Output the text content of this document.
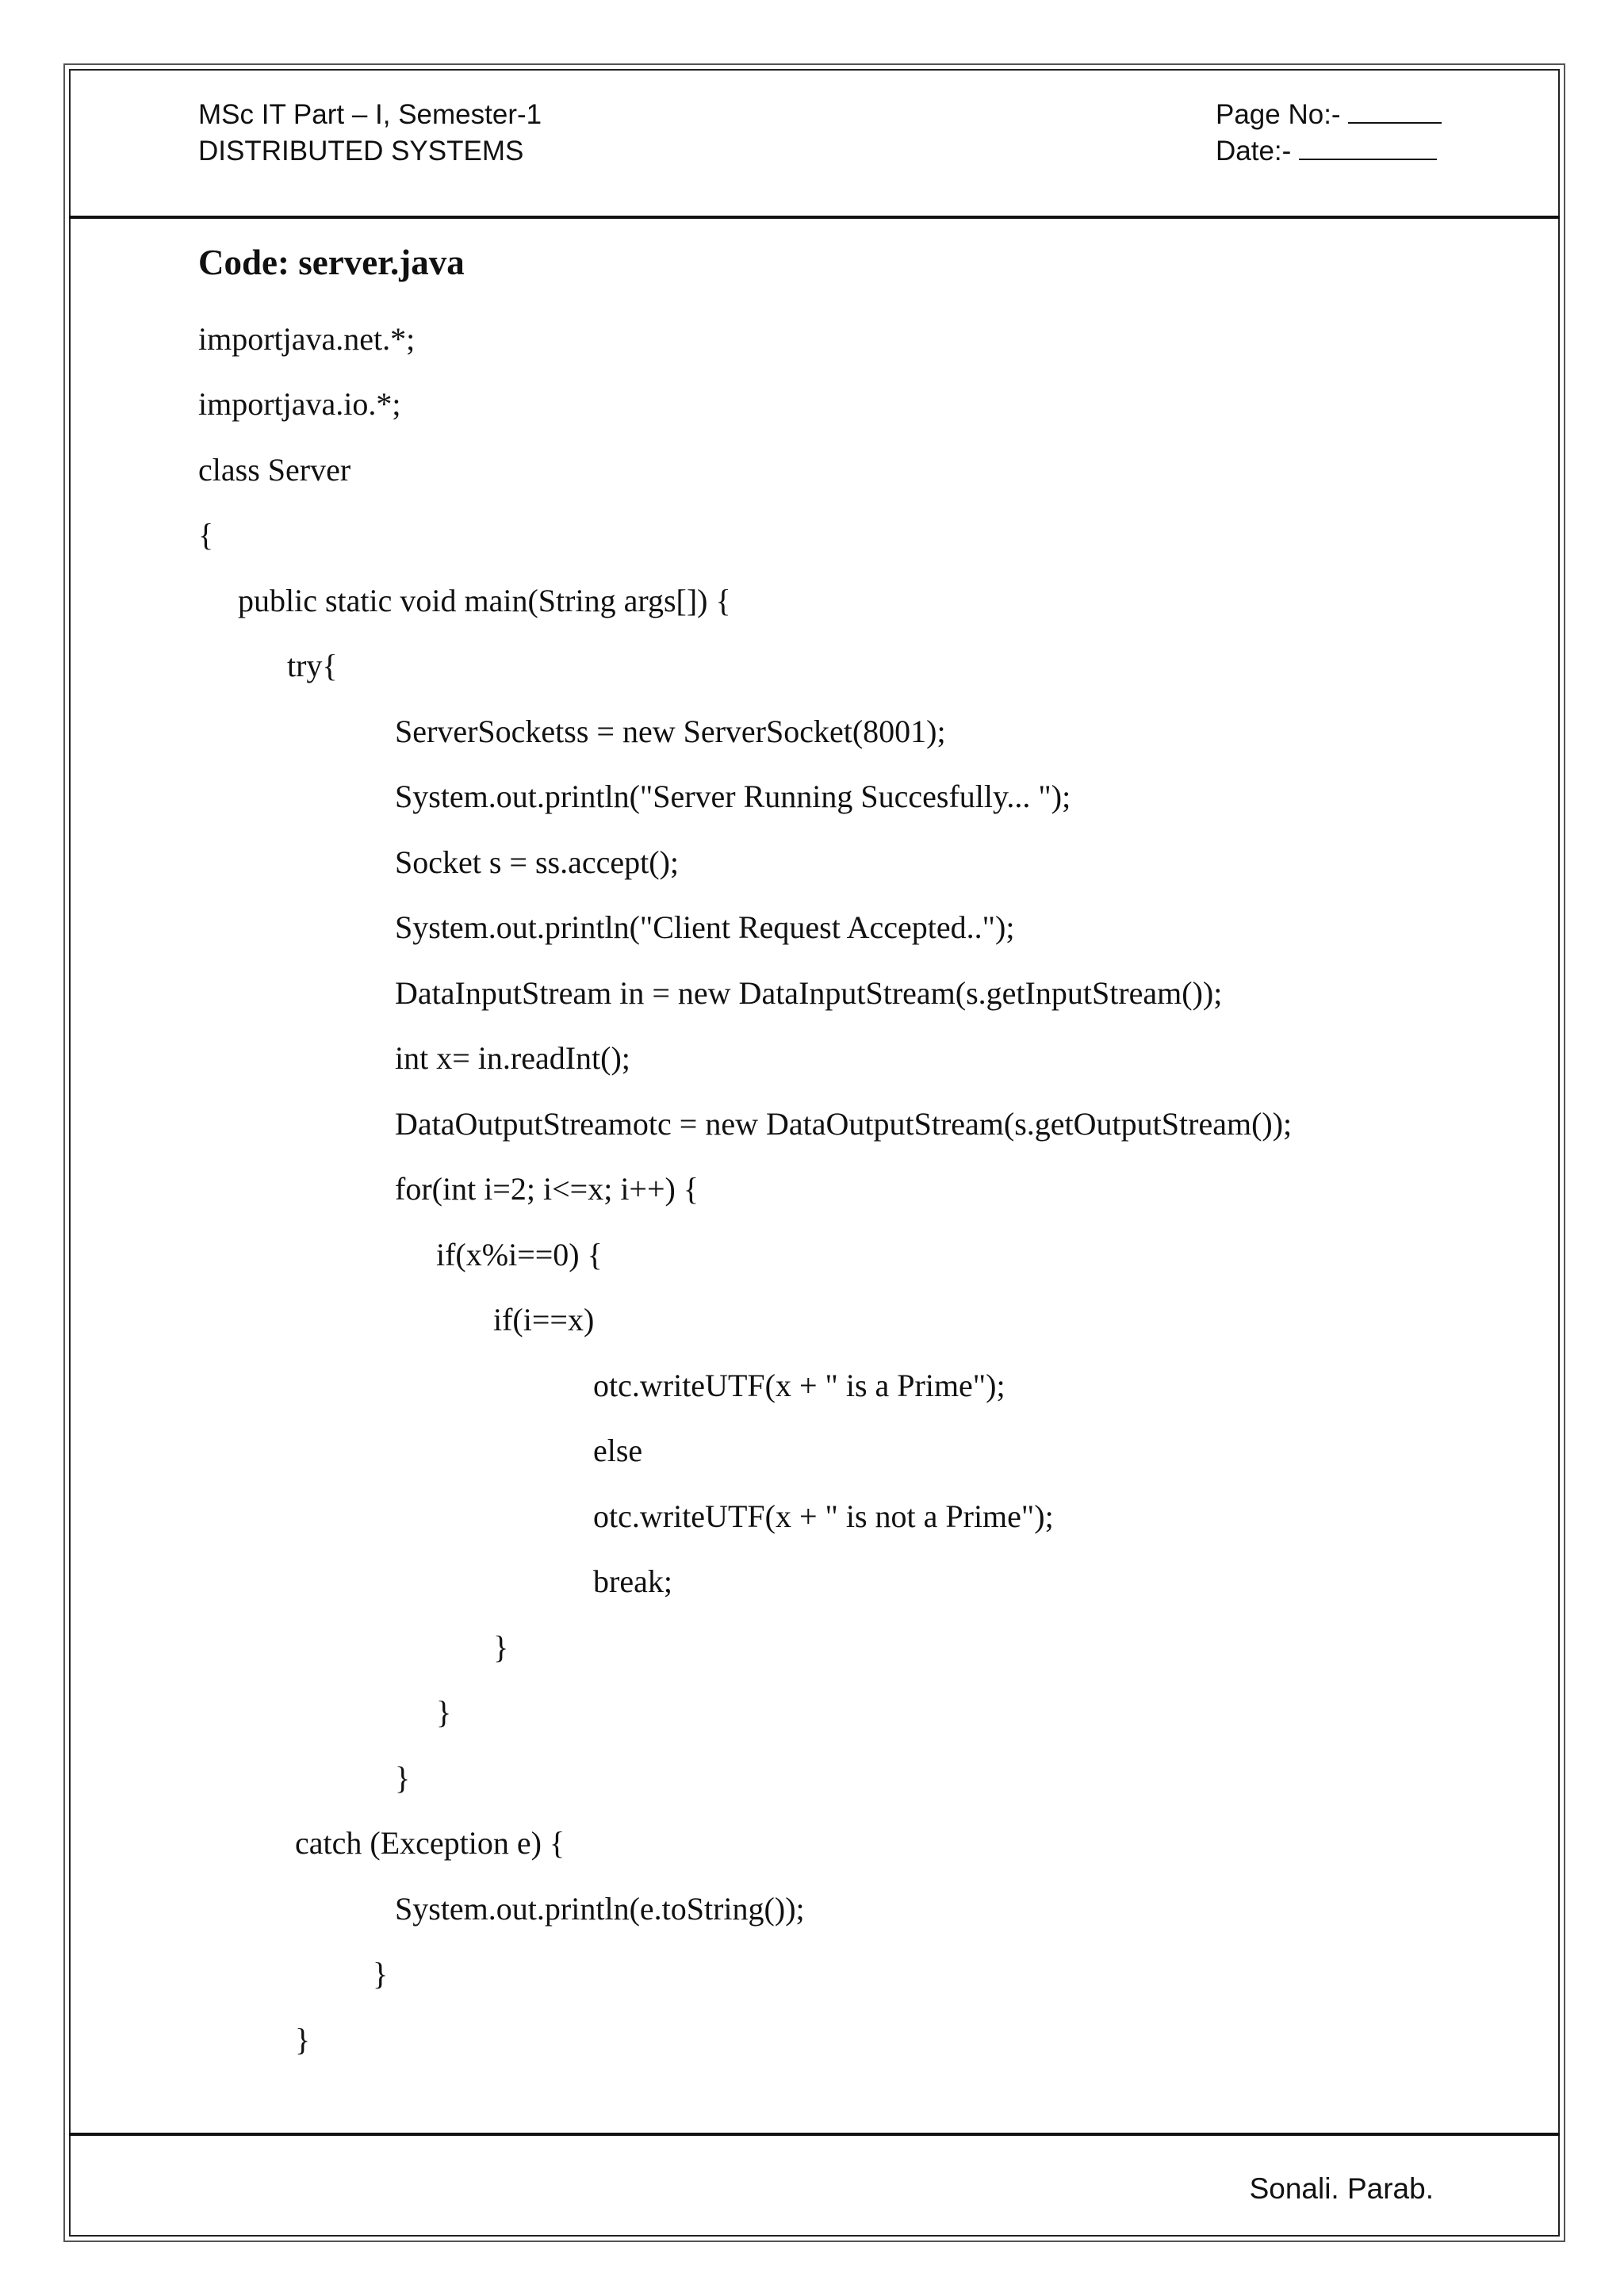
MSc IT Part – I, Semester-1
DISTRIBUTED SYSTEMS
Page No:-
Date:-
Code: server.java
importjava.net.*;
importjava.io.*;
class Server
{
public static void main(String args[]) {
try{
ServerSocketss = new ServerSocket(8001);
System.out.println("Server Running Succesfully... ");
Socket s = ss.accept();
System.out.println("Client Request Accepted..");
DataInputStream in = new DataInputStream(s.getInputStream());
int x= in.readInt();
DataOutputStreamotc = new DataOutputStream(s.getOutputStream());
for(int i=2; i<=x; i++) {
if(x%i==0) {
if(i==x)
otc.writeUTF(x + " is a Prime");
else
otc.writeUTF(x + " is not a Prime");
break;
}
}
}
catch (Exception e) {
System.out.println(e.toString());
}
}
Sonali. Parab.
